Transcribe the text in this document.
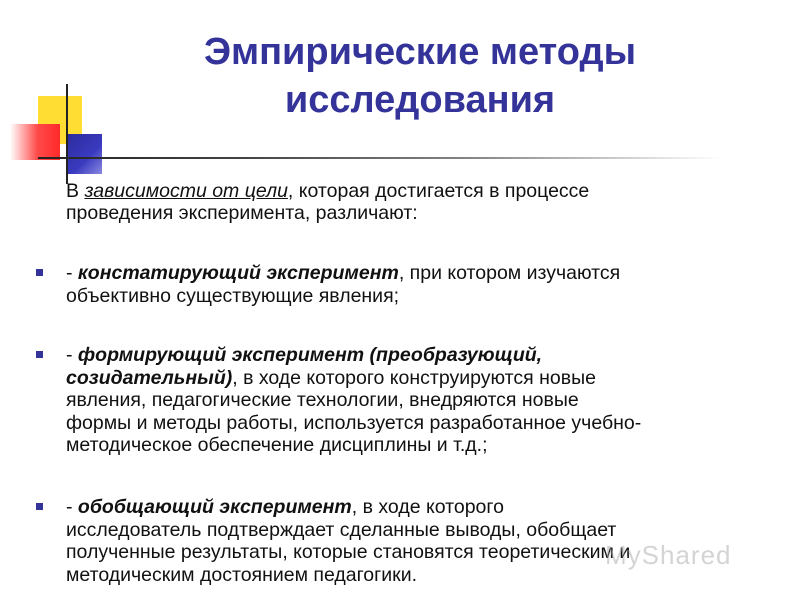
Эмпирические методы
исследования
В зависимости от цели, которая достигается в процессе
проведения эксперимента, различают:
- констатирующий эксперимент, при котором изучаются
объективно существующие явления;
- формирующий эксперимент (преобразующий,
созидательный), в ходе которого конструируются новые
явления, педагогические технологии, внедряются новые
формы и методы работы, используется разработанное учебно-
методическое обеспечение дисциплины и т.д.;
- обобщающий эксперимент, в ходе которого
исследователь подтверждает сделанные выводы, обобщает
полученные результаты, которые становятся теоретическим и
методическим достоянием педагогики.
MyShared
